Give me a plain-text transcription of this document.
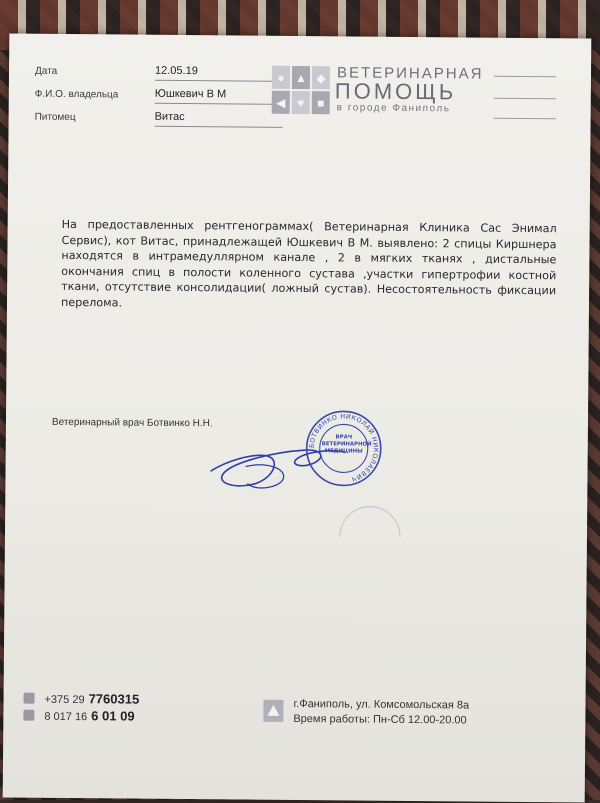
Дата	12.05.19
Ф.И.О. владельца	Юшкевич В М
Питомец	Витас
● ▲ ◆
◀ ♥ ■
ВЕТЕРИНАРНАЯ
ПОМОЩЬ
в городе Фаниполь
На предоставленных рентгенограммах( Ветеринарная Клиника Сас Энимал Сервис), кот Витас, принадлежащей Юшкевич В М. выявлено: 2 спицы Киршнера находятся в интрамедуллярном канале , 2 в мягких тканях , дистальные окончания спиц в полости коленного сустава ,участки гипертрофии костной ткани, отсутствие консолидации( ложный сустав). Несостоятельность фиксации перелома.
Ветеринарный врач Ботвинко Н.Н.
БОТВИНКО НИКОЛАЙ НИКОЛАЕВИЧ
ВРАЧ ВЕТЕРИНАРНОЙ МЕДИЦИНЫ
+375 29 7760315
8 017 16 6 01 09
г.Фаниполь, ул. Комсомольская 8а
Время работы: Пн-Сб 12.00-20.00
